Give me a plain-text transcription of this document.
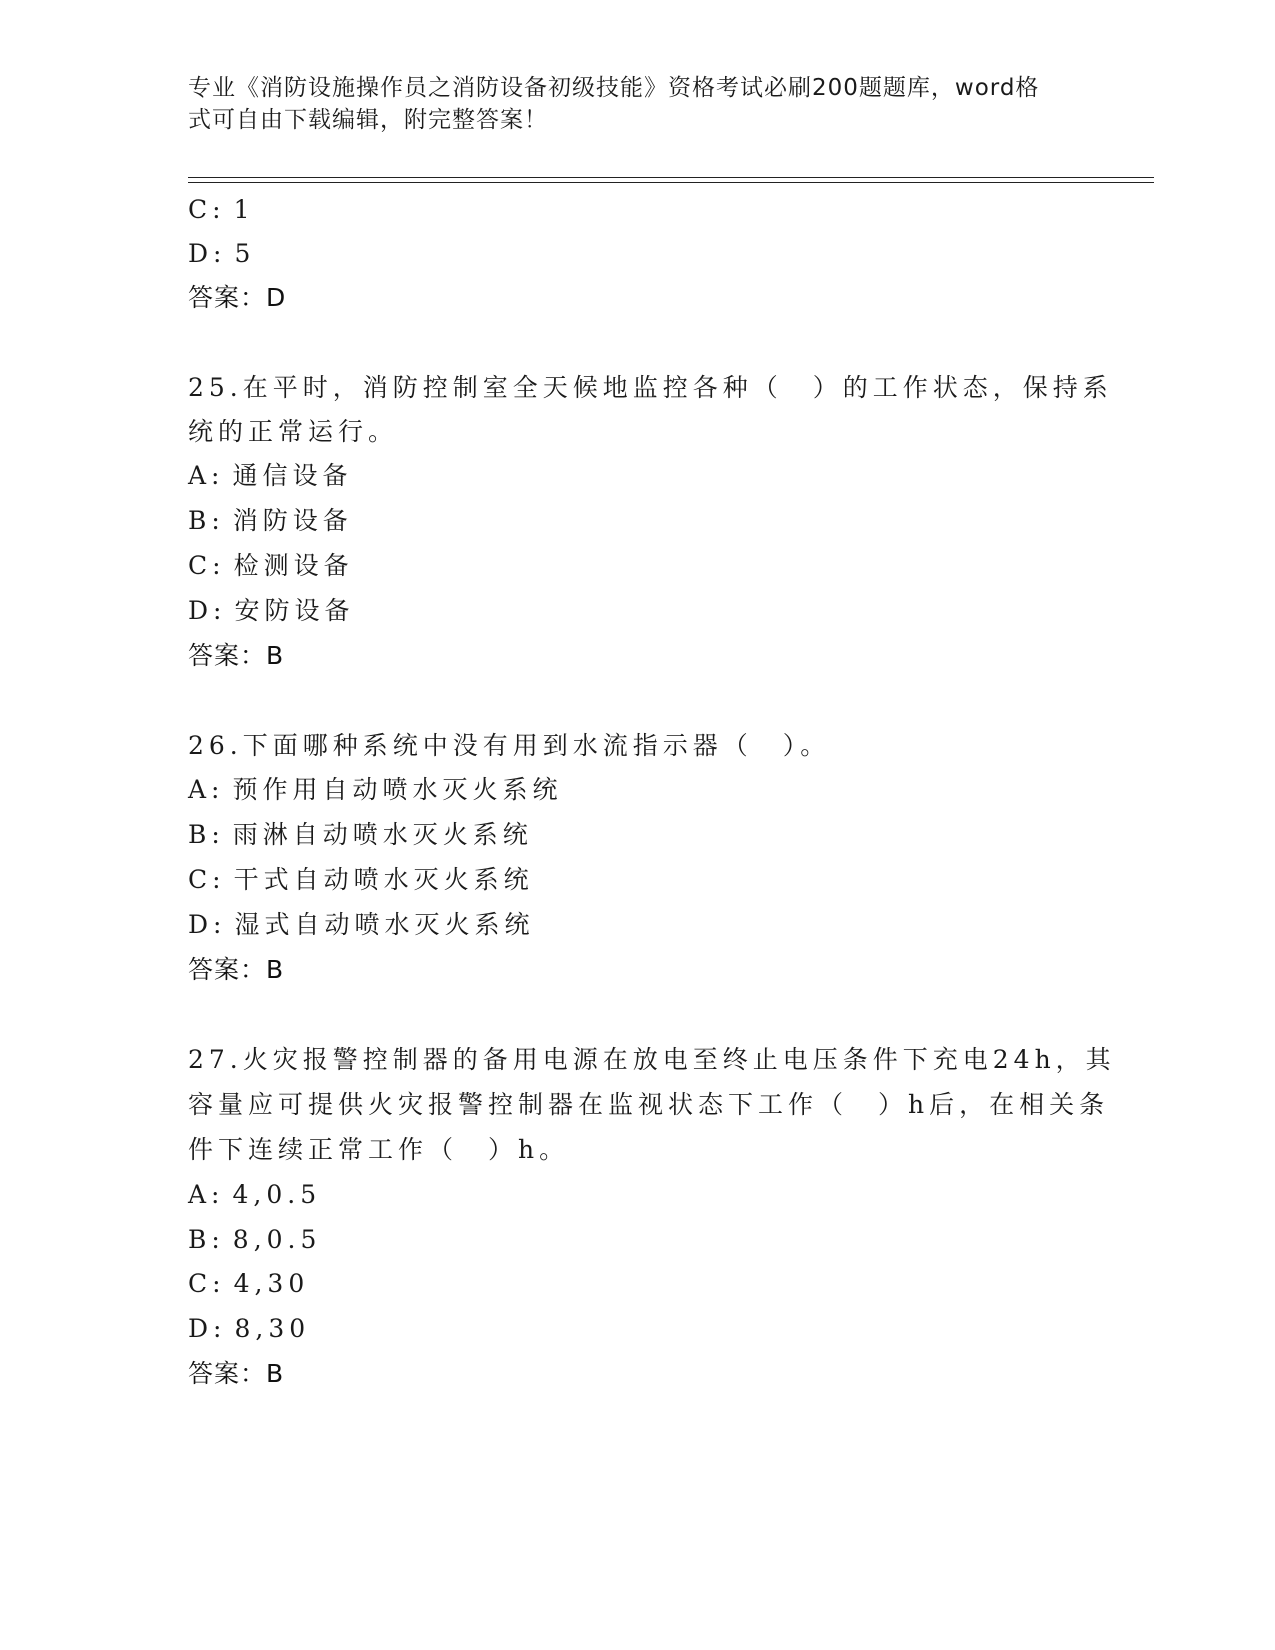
专业《消防设施操作员之消防设备初级技能》资格考试必刷200题题库，word格
式可自由下载编辑，附完整答案！
C: 1
D: 5
答案：D
25.在平时，消防控制室全天候地监控各种（　）的工作状态，保持系
统的正常运行。
A: 通信设备
B: 消防设备
C: 检测设备
D: 安防设备
答案：B
26.下面哪种系统中没有用到水流指示器（　）。
A: 预作用自动喷水灭火系统
B: 雨淋自动喷水灭火系统
C: 干式自动喷水灭火系统
D: 湿式自动喷水灭火系统
答案：B
27.火灾报警控制器的备用电源在放电至终止电压条件下充电24h，其
容量应可提供火灾报警控制器在监视状态下工作（　）h后，在相关条
件下连续正常工作（　）h。
A: 4,0.5
B: 8,0.5
C: 4,30
D: 8,30
答案：B
